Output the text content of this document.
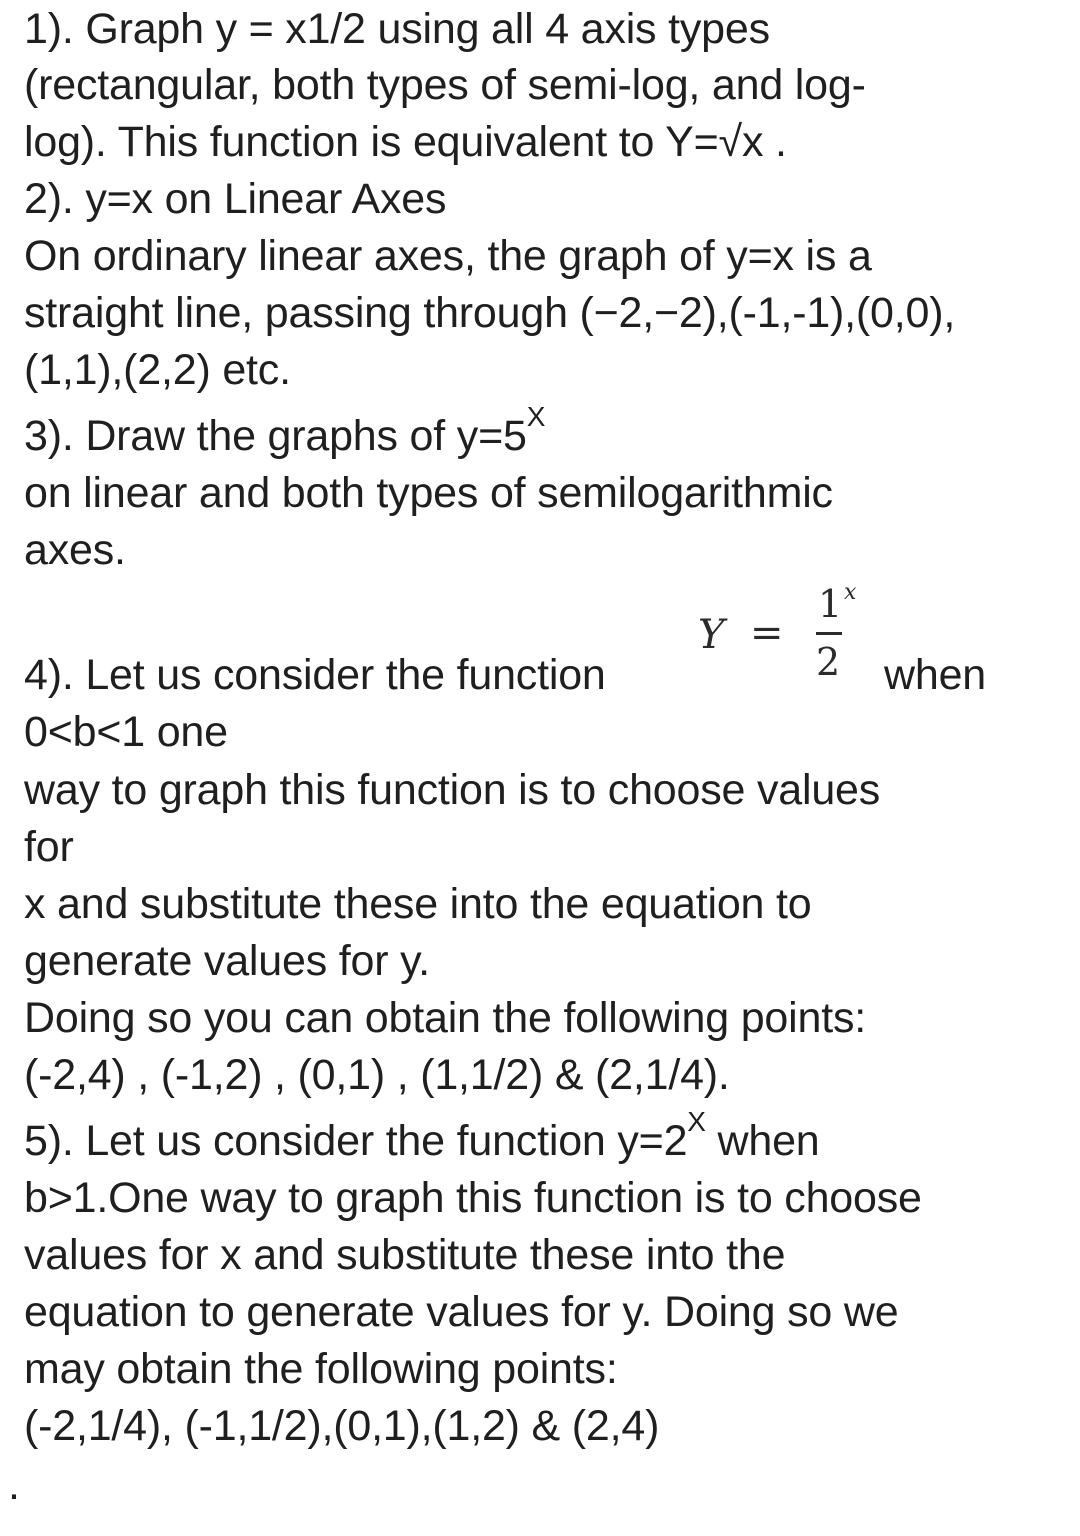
1). Graph y = x1/2 using all 4 axis types
(rectangular, both types of semi-log, and log-
log). This function is equivalent to Y=√x .
2). y=x on Linear Axes
On ordinary linear axes, the graph of y=x is a
straight line, passing through (−2,−2),(-1,-1),(0,0),
(1,1),(2,2) etc.
3). Draw the graphs of $y=5^X$
on linear and both types of semilogarithmic
axes.
4). Let us consider the function
Y =
1 x
2 when
0<b<1 one
way to graph this function is to choose values
for
x and substitute these into the equation to
generate values for y.
Doing so you can obtain the following points:
(-2,4) , (-1,2) , (0,1) , (1,1/2) & (2,1/4).
5). Let us consider the function $y=2^X$ when
b>1.One way to graph this function is to choose
values for x and substitute these into the
equation to generate values for y. Doing so we
may obtain the following points:
(-2,1/4), (-1,1/2),(0,1),(1,2) & (2,4)
.
